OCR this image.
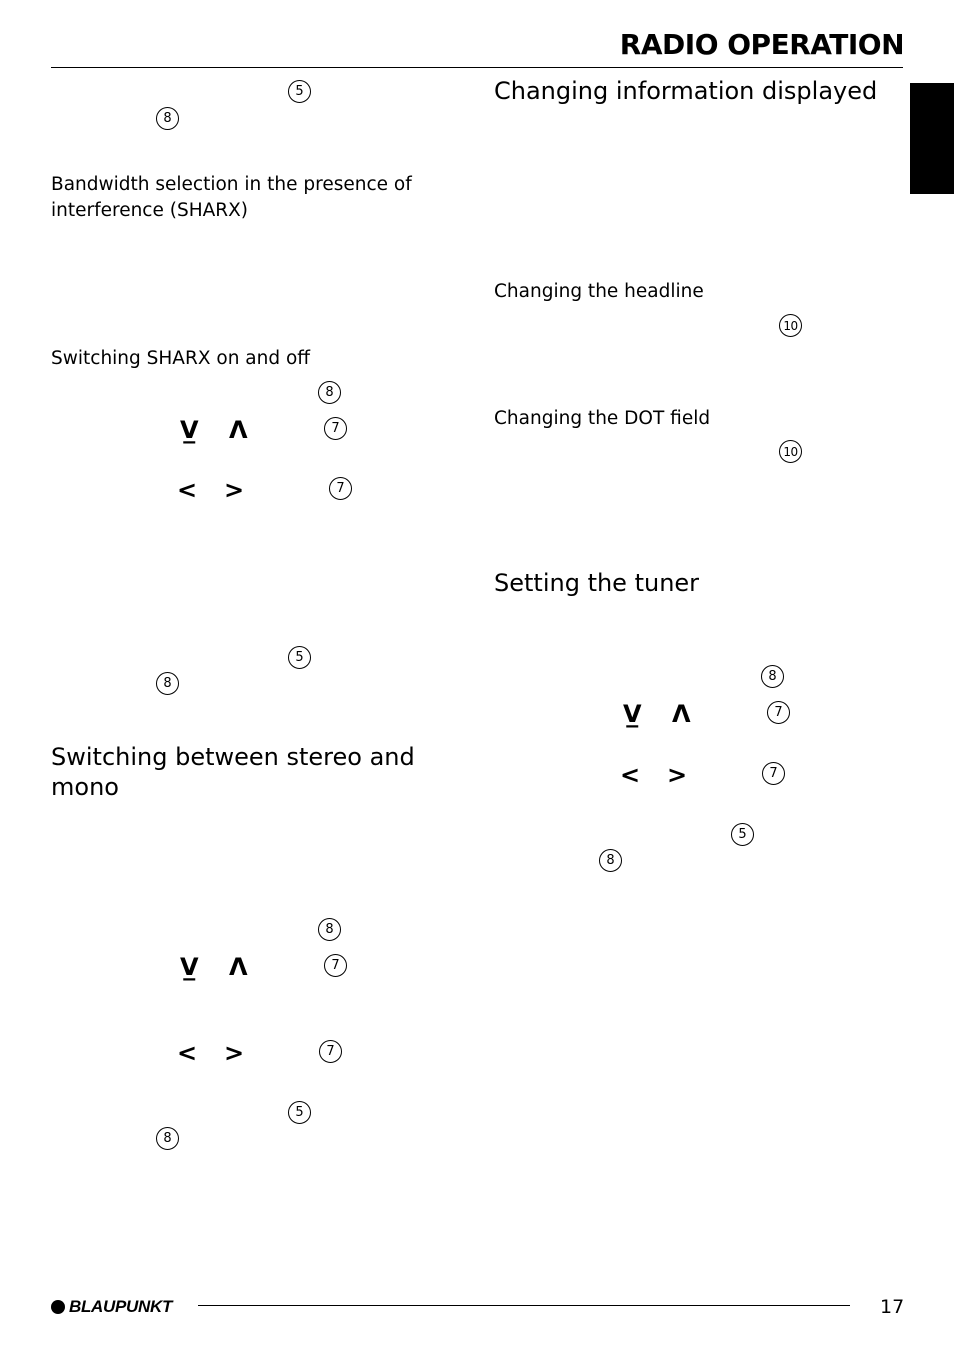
RADIO OPERATION
5
8
Bandwidth selection in the presence of interference (SHARX)
Switching SHARX on and off
8
V̲ Ʌ	7
< >	7
5
8
Switching between stereo and mono
8
V̲ Ʌ	7
< >	7
5
8
Changing information displayed
Changing the headline
10
Changing the DOT field
10
Setting the tuner
8
V̲ Ʌ	7
< >	7
5
8
BLAUPUNKT	17
